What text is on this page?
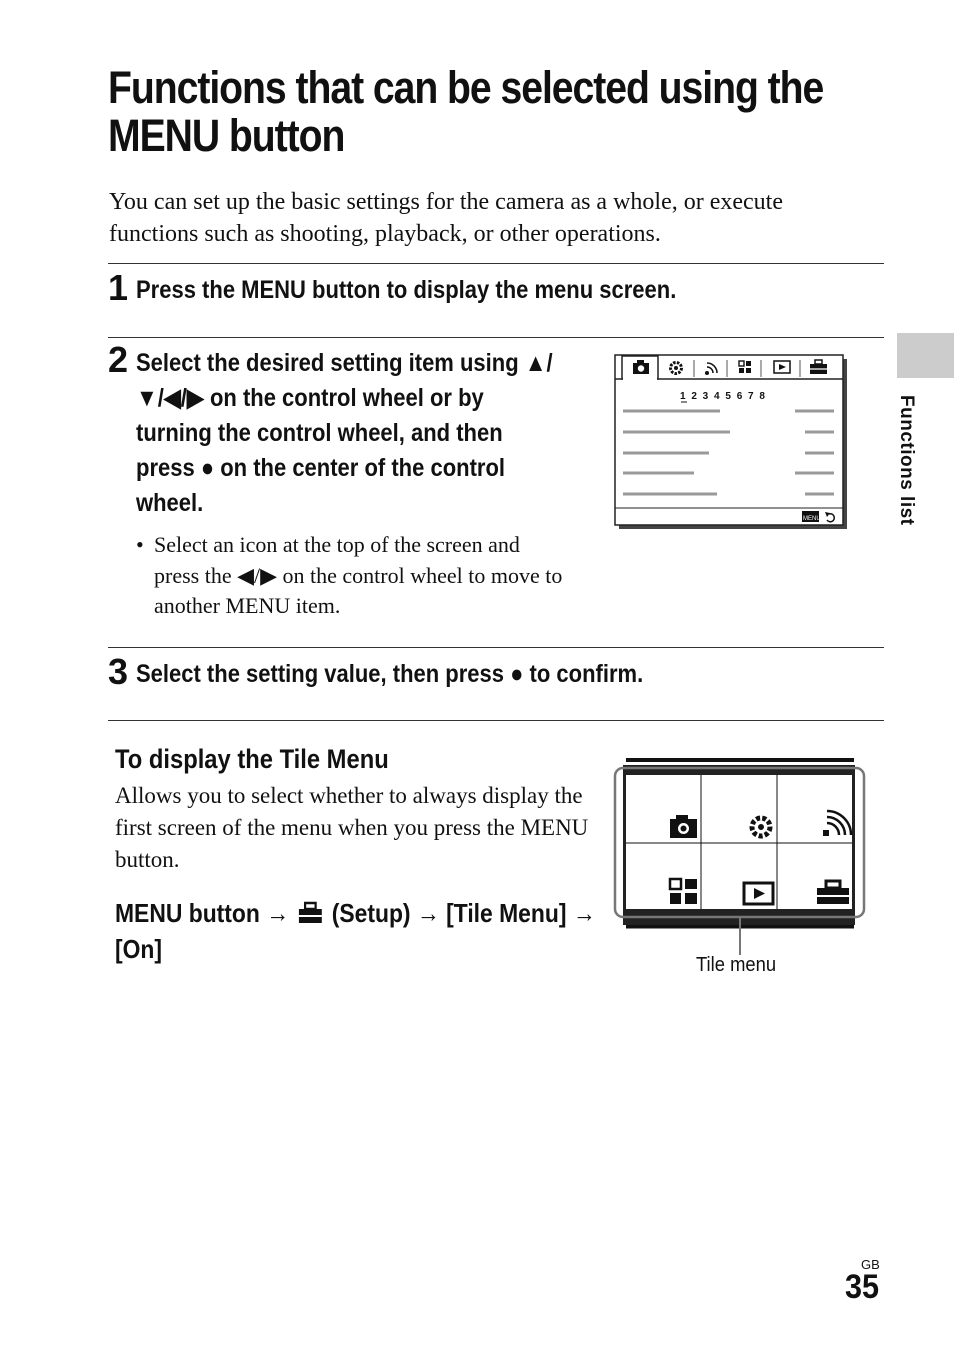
Functions that can be selected using the MENU button

You can set up the basic settings for the camera as a whole, or execute functions such as shooting, playback, or other operations.

1 Press the MENU button to display the menu screen.
2 Select the desired setting item using ▲/▼/◀/▶ on the control wheel or by turning the control wheel, and then press ● on the center of the control wheel.
• Select an icon at the top of the screen and press the ◀/▶ on the control wheel to move to another MENU item.
1 2 3 4 5 6 7 8
MENU
3 Select the setting value, then press ● to confirm.
To display the Tile Menu
Allows you to select whether to always display the first screen of the menu when you press the MENU button.
MENU button →  (Setup) → [Tile Menu] → [On]
Tile menu
Functions list
GB
35
